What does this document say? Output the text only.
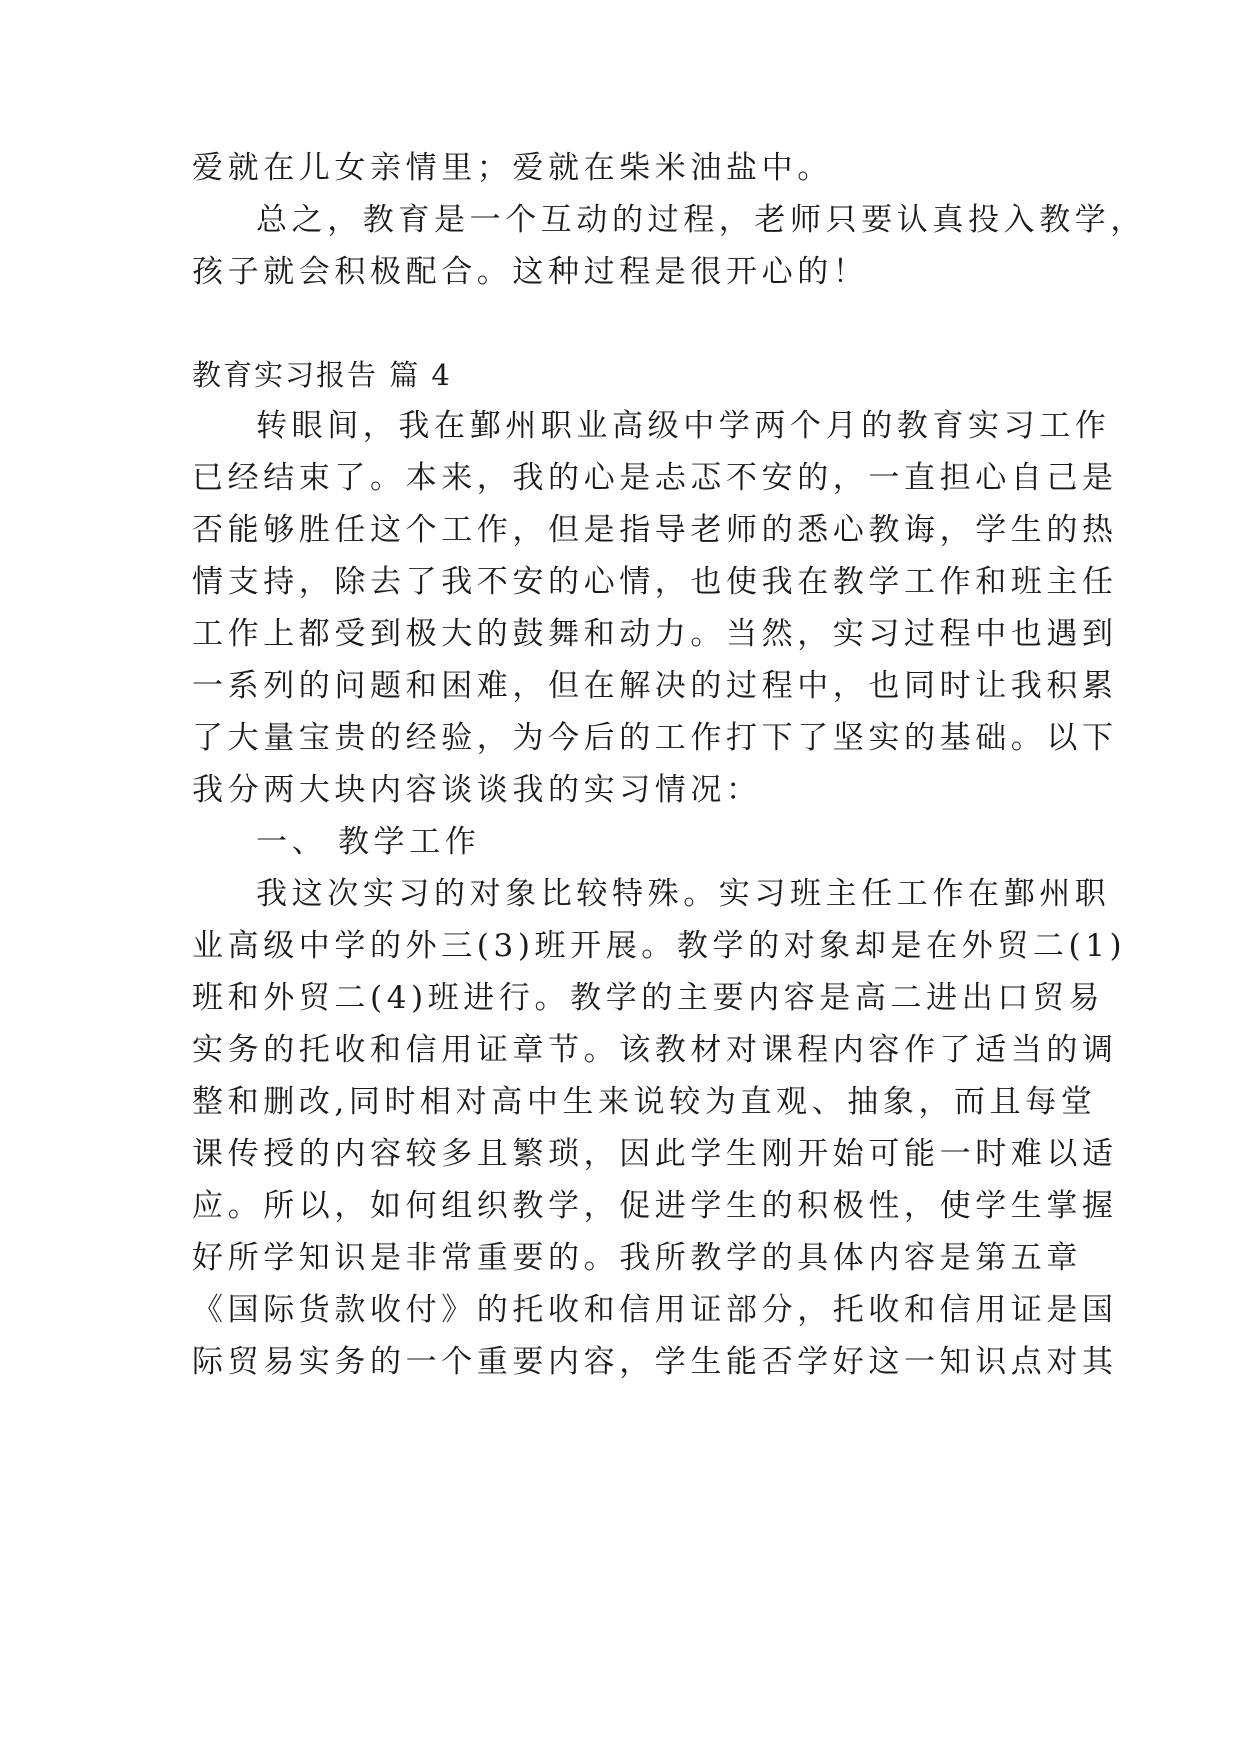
爱就在儿女亲情里；爱就在柴米油盐中。
总之，教育是一个互动的过程，老师只要认真投入教学，
孩子就会积极配合。这种过程是很开心的！
教育实习报告 篇 4
转眼间，我在鄞州职业高级中学两个月的教育实习工作
已经结束了。本来，我的心是忐忑不安的，一直担心自己是
否能够胜任这个工作，但是指导老师的悉心教诲，学生的热
情支持，除去了我不安的心情，也使我在教学工作和班主任
工作上都受到极大的鼓舞和动力。当然，实习过程中也遇到
一系列的问题和困难，但在解决的过程中，也同时让我积累
了大量宝贵的经验，为今后的工作打下了坚实的基础。以下
我分两大块内容谈谈我的实习情况：
一、 教学工作
我这次实习的对象比较特殊。实习班主任工作在鄞州职
业高级中学的外三(3)班开展。教学的对象却是在外贸二(1)
班和外贸二(4)班进行。教学的主要内容是高二进出口贸易
实务的托收和信用证章节。该教材对课程内容作了适当的调
整和删改,同时相对高中生来说较为直观、抽象，而且每堂
课传授的内容较多且繁琐，因此学生刚开始可能一时难以适
应。所以，如何组织教学，促进学生的积极性，使学生掌握
好所学知识是非常重要的。我所教学的具体内容是第五章
《国际货款收付》的托收和信用证部分，托收和信用证是国
际贸易实务的一个重要内容，学生能否学好这一知识点对其
